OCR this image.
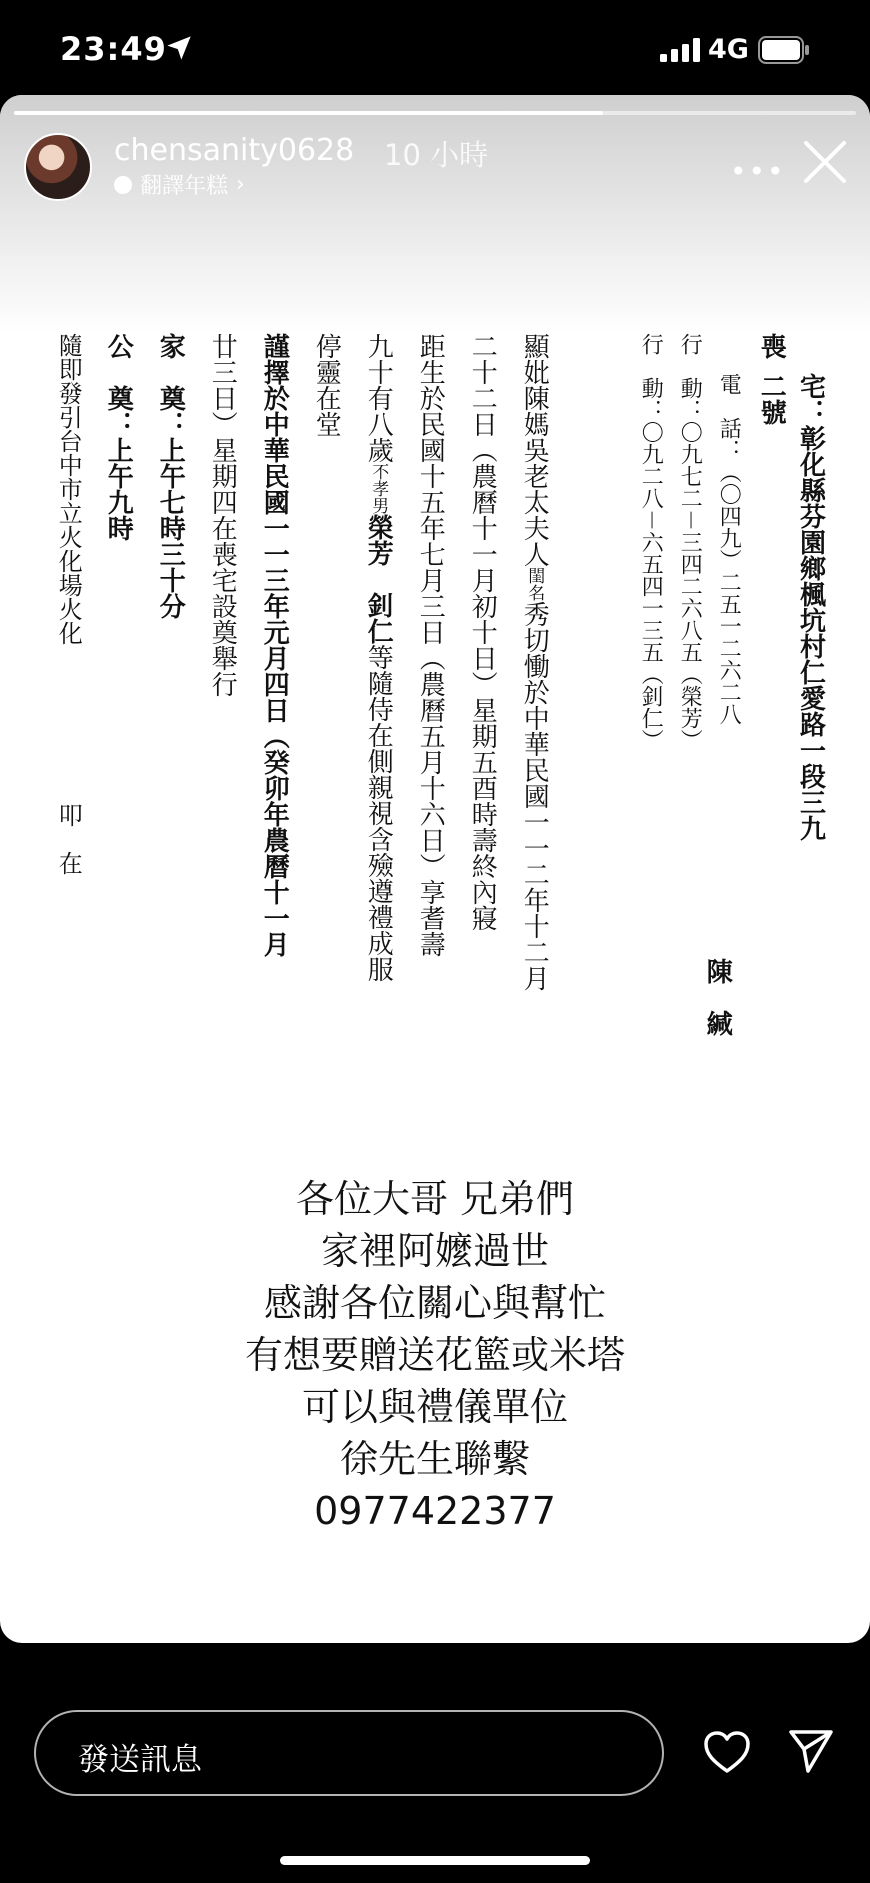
23:49	4G
chensanity0628 10 小時
翻譯年糕 ›	•••
喪
宅：彰化縣芬園鄉楓坑村仁愛路一段三九二號
電　話：（〇四九）二五一二六二八
行　動：〇九七二－三四二六八五（榮芳）
行　動：〇九二八－六五四一三五（釗仁）
陳　緘
顯妣陳媽吳老太夫人閨名秀切慟於中華民國一一二年十二月
二十二日（農曆十一月初十日）星期五酉時壽終內寢
距生於民國十五年七月三日（農曆五月十六日）享耆壽
九十有八歲不孝男榮芳　釗仁等隨侍在側親視含殮遵禮成服
停靈在堂
謹擇於中華民國一一三年元月四日（癸卯年農曆十一月
廿三日）星期四在喪宅設奠舉行
家　奠：上午七時三十分
公　奠：上午九時
隨即發引台中市立火化場火化
叩　在
各位大哥 兄弟們
家裡阿嬤過世
感謝各位關心與幫忙
有想要贈送花籃或米塔
可以與禮儀單位
徐先生聯繫
0977422377
發送訊息
